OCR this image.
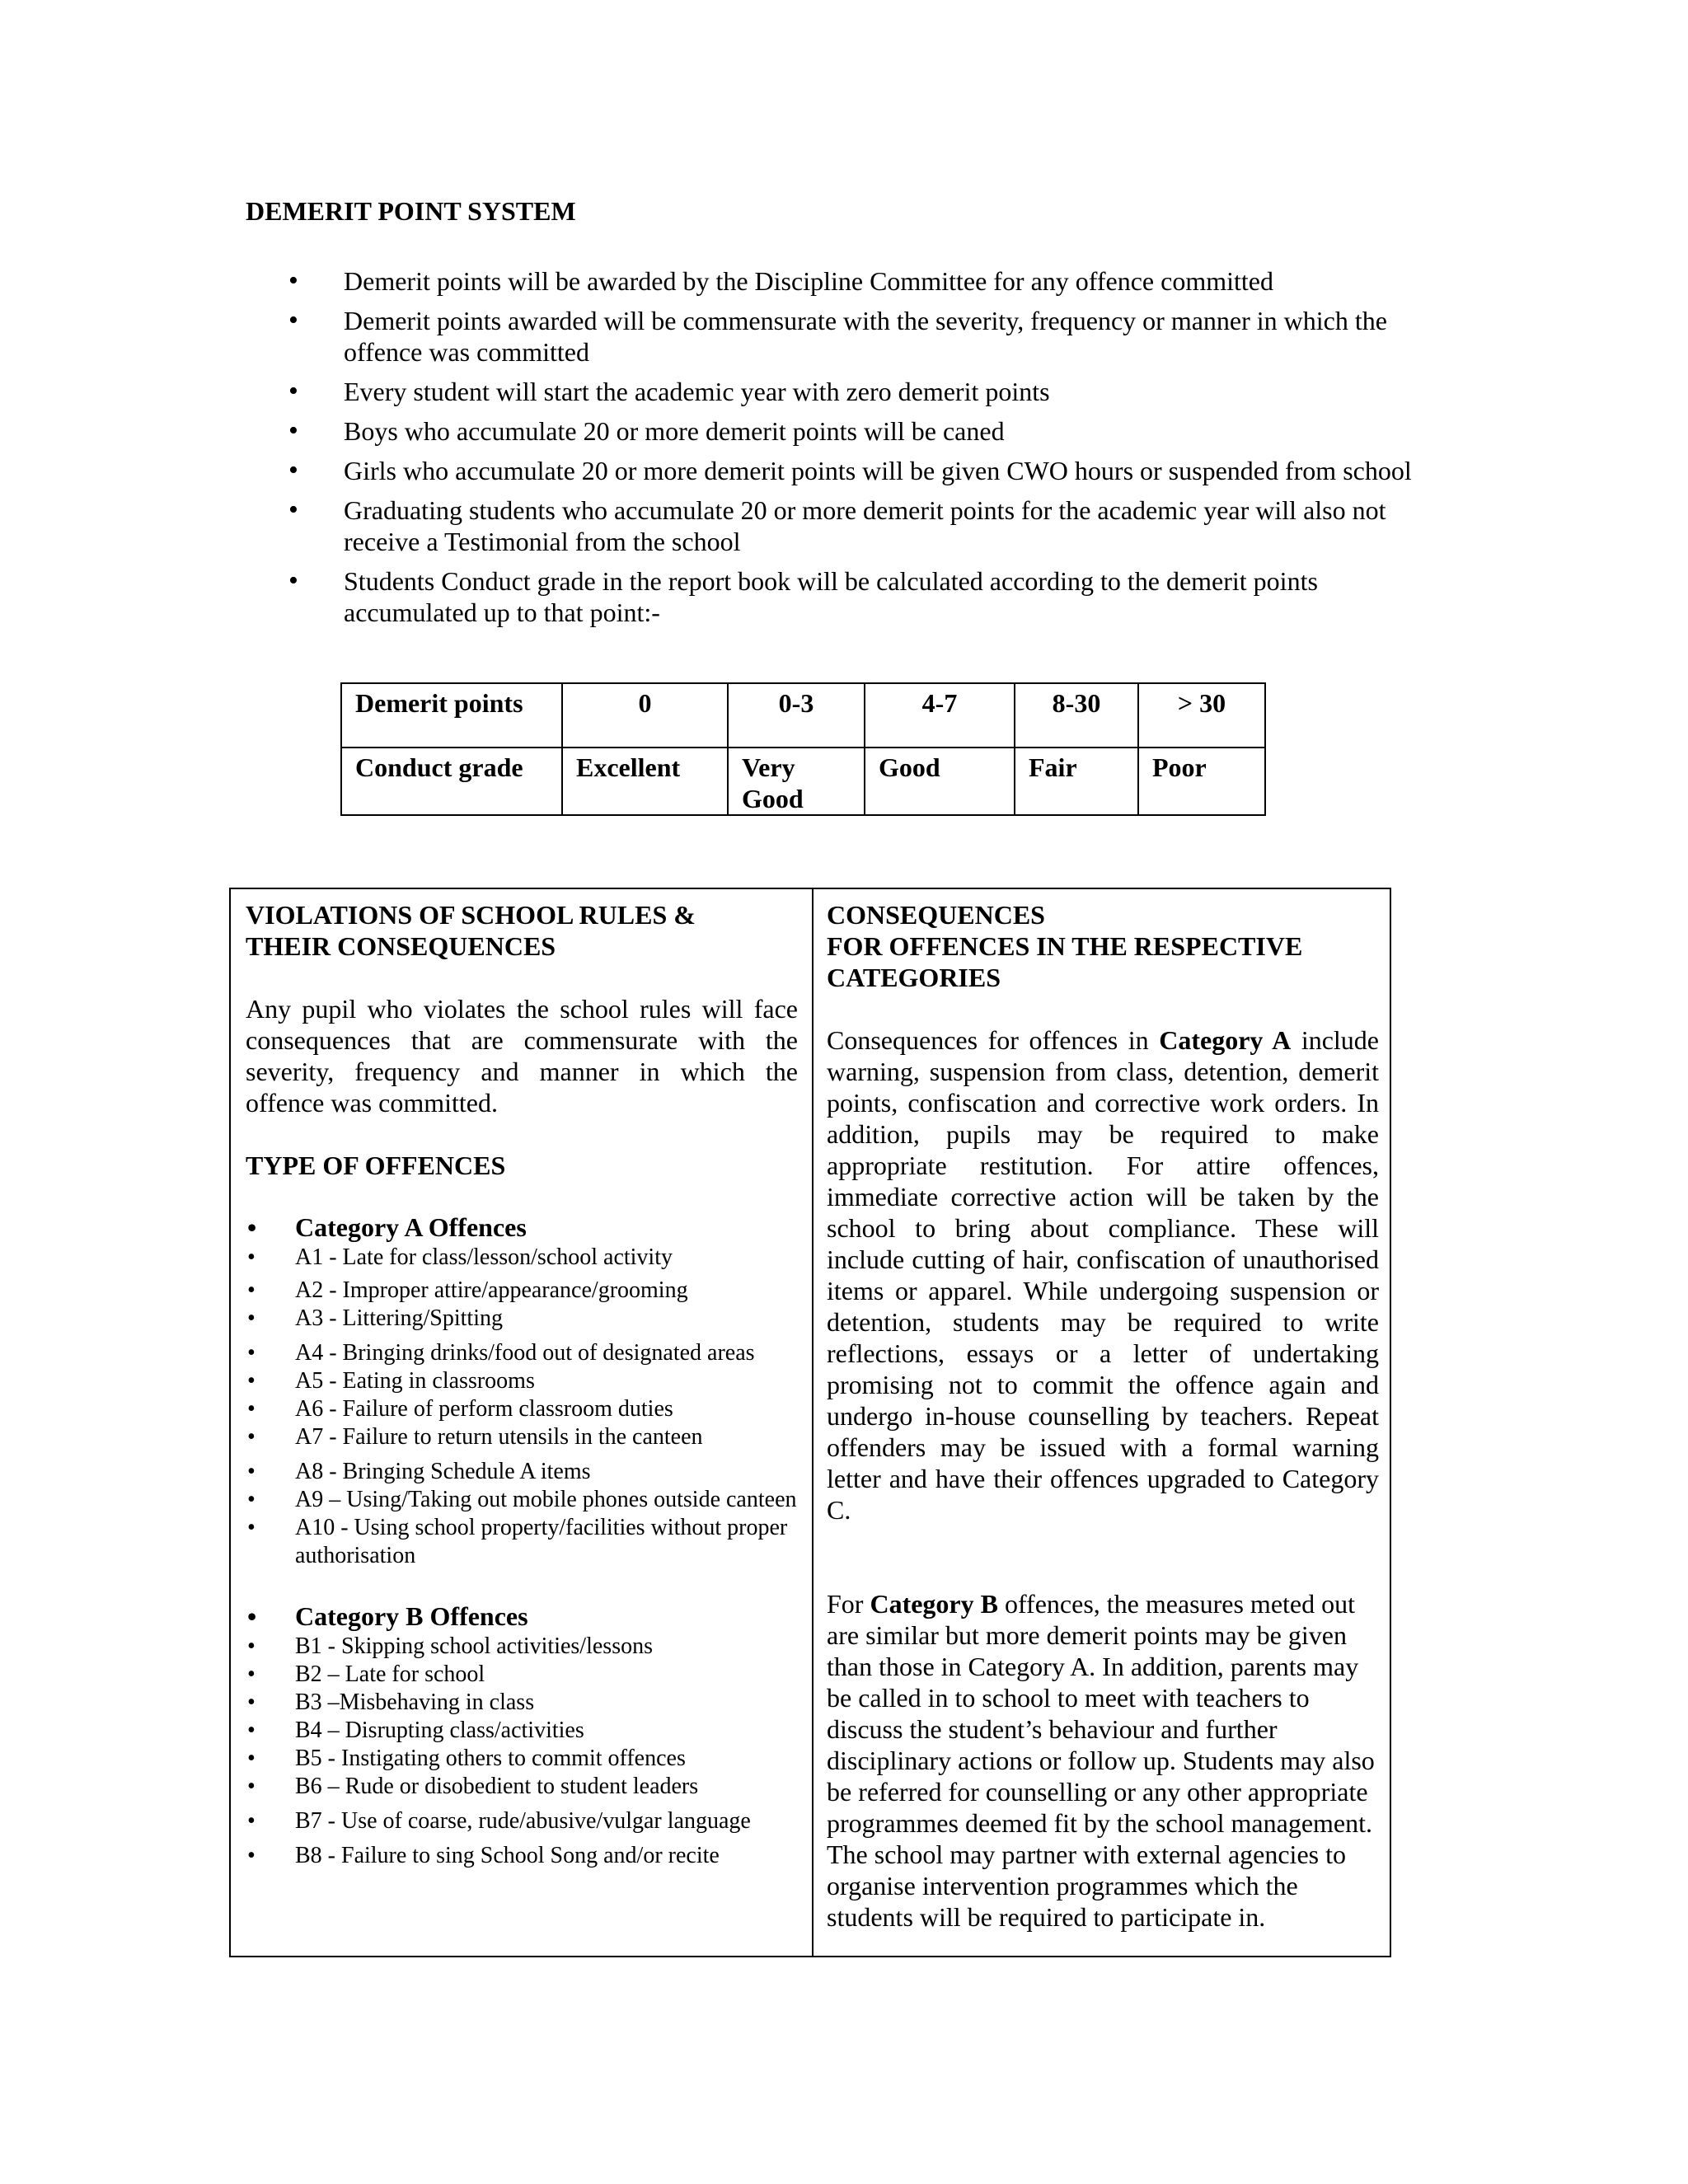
DEMERIT POINT SYSTEM
• Demerit points will be awarded by the Discipline Committee for any offence committed
• Demerit points awarded will be commensurate with the severity, frequency or manner in which the offence was committed
• Every student will start the academic year with zero demerit points
• Boys who accumulate 20 or more demerit points will be caned
• Girls who accumulate 20 or more demerit points will be given CWO hours or suspended from school
• Graduating students who accumulate 20 or more demerit points for the academic year will also not receive a Testimonial from the school
• Students Conduct grade in the report book will be calculated according to the demerit points accumulated up to that point:-
Demerit points	0	0-3	4-7	8-30	> 30
Conduct grade	Excellent	Very Good	Good	Fair	Poor

VIOLATIONS OF SCHOOL RULES &

THEIR CONSEQUENCES

Any pupil who violates the school rules will face consequences that are commensurate with the severity, frequency and manner in which the offence was committed.

TYPE OF OFFENCES

• Category A Offences
• A1 - Late for class/lesson/school activity
• A2 - Improper attire/appearance/grooming
• A3 - Littering/Spitting
• A4 - Bringing drinks/food out of designated areas
• A5 - Eating in classrooms
• A6 - Failure of perform classroom duties
• A7 - Failure to return utensils in the canteen
• A8 - Bringing Schedule A items
• A9 – Using/Taking out mobile phones outside canteen
• A10 - Using school property/facilities without proper authorisation
• Category B Offences
• B1 - Skipping school activities/lessons
• B2 – Late for school
• B3 –Misbehaving in class
• B4 – Disrupting class/activities
• B5 - Instigating others to commit offences
• B6 – Rude or disobedient to student leaders
• B7 - Use of coarse, rude/abusive/vulgar language
• B8 - Failure to sing School Song and/or recite

CONSEQUENCES

FOR OFFENCES IN THE RESPECTIVE CATEGORIES

Consequences for offences in Category A include warning, suspension from class, detention, demerit points, confiscation and corrective work orders. In addition, pupils may be required to make appropriate restitution. For attire offences, immediate corrective action will be taken by the school to bring about compliance. These will include cutting of hair, confiscation of unauthorised items or apparel. While undergoing suspension or detention, students may be required to write reflections, essays or a letter of undertaking promising not to commit the offence again and undergo in-house counselling by teachers. Repeat offenders may be issued with a formal warning letter and have their offences upgraded to Category C.

For Category B offences, the measures meted out are similar but more demerit points may be given than those in Category A. In addition, parents may be called in to school to meet with teachers to discuss the student’s behaviour and further disciplinary actions or follow up. Students may also be referred for counselling or any other appropriate programmes deemed fit by the school management. The school may partner with external agencies to organise intervention programmes which the students will be required to participate in.
